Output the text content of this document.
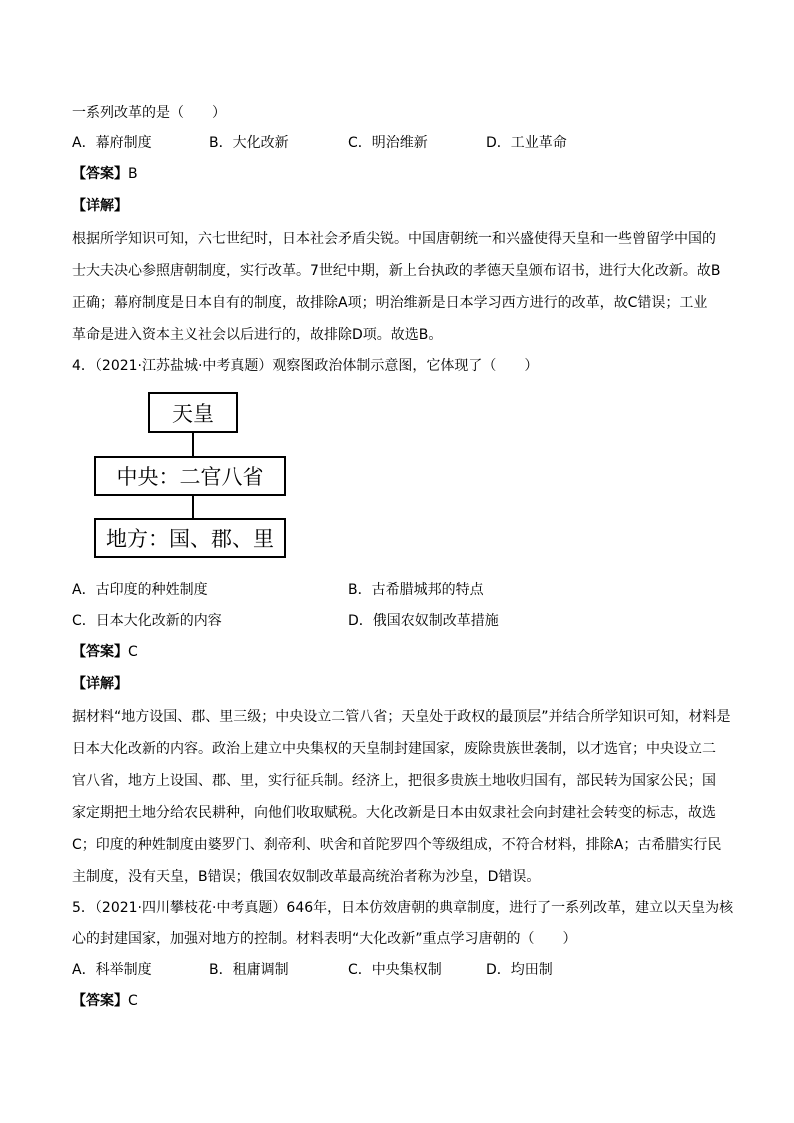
一系列改革的是（　　）
A．幕府制度	B．大化改新	C．明治维新	D．工业革命
【答案】B
【详解】
根据所学知识可知，六七世纪时，日本社会矛盾尖锐。中国唐朝统一和兴盛使得天皇和一些曾留学中国的
士大夫决心参照唐朝制度，实行改革。7世纪中期，新上台执政的孝德天皇颁布诏书，进行大化改新。故B
正确；幕府制度是日本自有的制度，故排除A项；明治维新是日本学习西方进行的改革，故C错误；工业
革命是进入资本主义社会以后进行的，故排除D项。故选B。
4．（2021·江苏盐城·中考真题）观察图政治体制示意图，它体现了（　　）
天皇
中央：二官八省
地方：国、郡、里
A．古印度的种姓制度	B．古希腊城邦的特点
C．日本大化改新的内容	D．俄国农奴制改革措施
【答案】C
【详解】
据材料“地方设国、郡、里三级；中央设立二管八省；天皇处于政权的最顶层”并结合所学知识可知，材料是
日本大化改新的内容。政治上建立中央集权的天皇制封建国家，废除贵族世袭制，以才选官；中央设立二
官八省，地方上设国、郡、里，实行征兵制。经济上，把很多贵族土地收归国有，部民转为国家公民；国
家定期把土地分给农民耕种，向他们收取赋税。大化改新是日本由奴隶社会向封建社会转变的标志，故选
C；印度的种姓制度由婆罗门、刹帝利、吠舍和首陀罗四个等级组成，不符合材料，排除A；古希腊实行民
主制度，没有天皇，B错误；俄国农奴制改革最高统治者称为沙皇，D错误。
5．（2021·四川攀枝花·中考真题）646年，日本仿效唐朝的典章制度，进行了一系列改革，建立以天皇为核
心的封建国家，加强对地方的控制。材料表明“大化改新”重点学习唐朝的（　　）
A．科举制度	B．租庸调制	C．中央集权制	D．均田制
【答案】C
